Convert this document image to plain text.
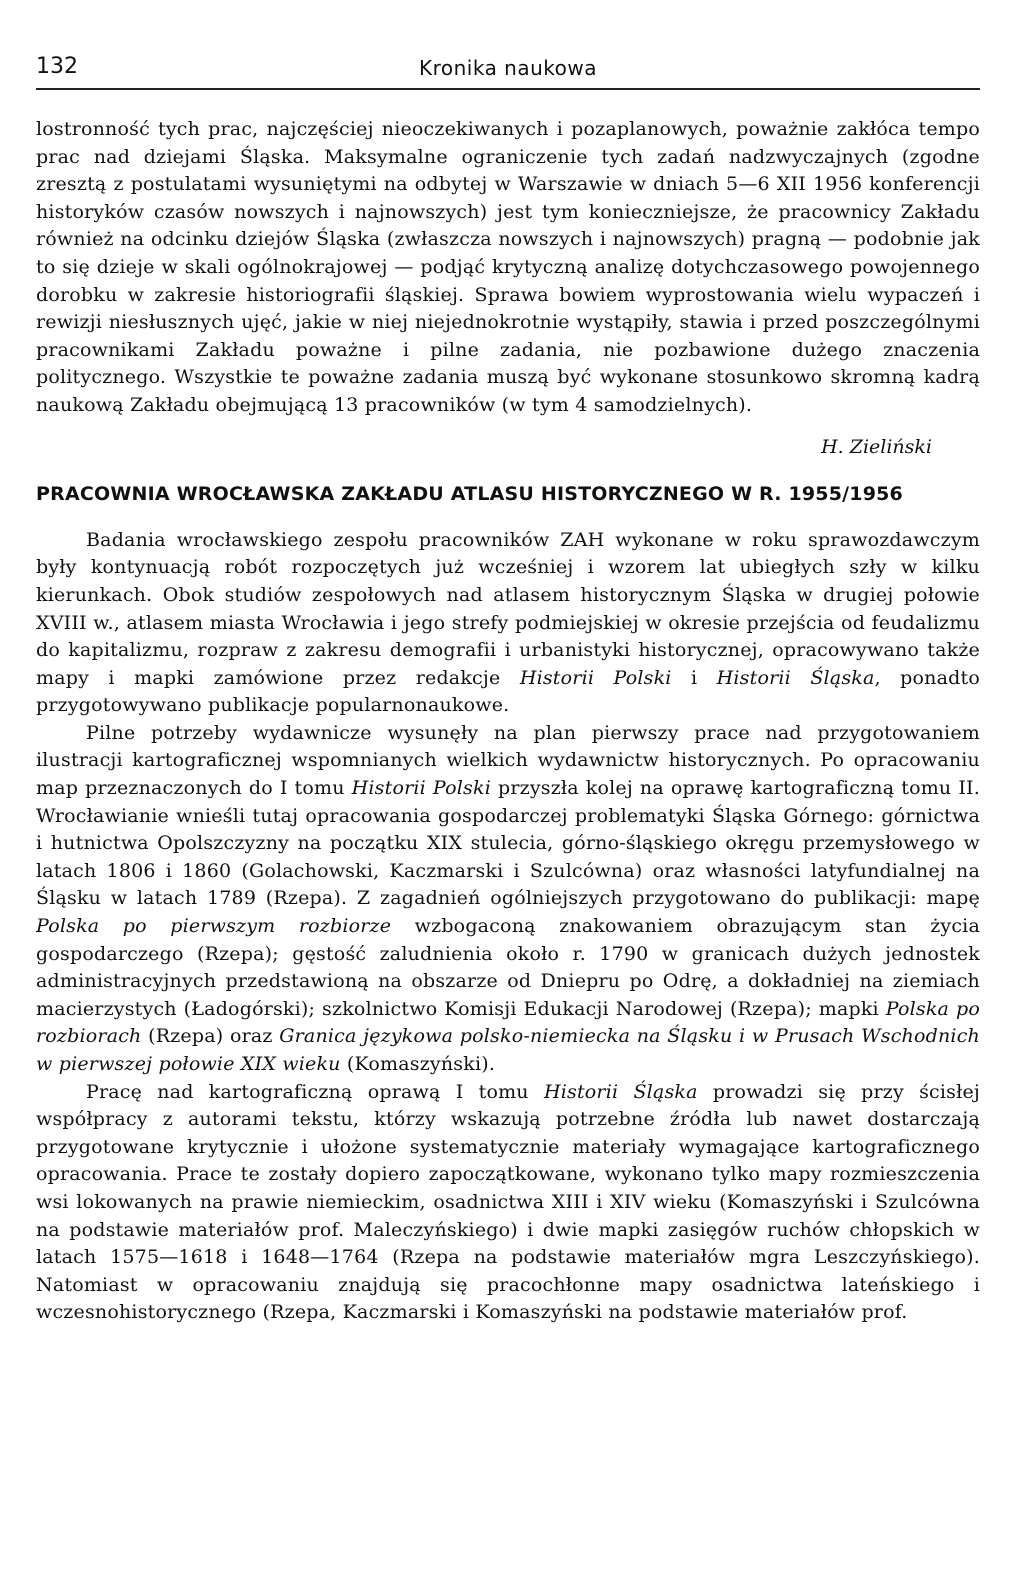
132	Kronika naukowa

lostronność tych prac, najczęściej nieoczekiwanych i pozaplanowych, poważnie zakłóca tempo prac nad dziejami Śląska. Maksymalne ograniczenie tych zadań nadzwyczajnych (zgodne zresztą z postulatami wysuniętymi na odbytej w Warszawie w dniach 5—6 XII 1956 konferencji historyków czasów nowszych i najnowszych) jest tym konieczniejsze, że pracownicy Zakładu również na odcinku dziejów Śląska (zwłaszcza nowszych i najnowszych) pragną — podobnie jak to się dzieje w skali ogólnokrajowej — podjąć krytyczną analizę dotychczasowego powojennego dorobku w zakresie historiografii śląskiej. Sprawa bowiem wyprostowania wielu wypaczeń i rewizji niesłusznych ujęć, jakie w niej niejednokrotnie wystąpiły, stawia i przed poszczególnymi pracownikami Zakładu poważne i pilne zadania, nie pozbawione dużego znaczenia politycznego. Wszystkie te poważne zadania muszą być wykonane stosunkowo skromną kadrą naukową Zakładu obejmującą 13 pracowników (w tym 4 samodzielnych).

H. Zieliński

PRACOWNIA WROCŁAWSKA ZAKŁADU ATLASU HISTORYCZNEGO W R. 1955/1956

Badania wrocławskiego zespołu pracowników ZAH wykonane w roku sprawozdawczym były kontynuacją robót rozpoczętych już wcześniej i wzorem lat ubiegłych szły w kilku kierunkach. Obok studiów zespołowych nad atlasem historycznym Śląska w drugiej połowie XVIII w., atlasem miasta Wrocławia i jego strefy podmiejskiej w okresie przejścia od feudalizmu do kapitalizmu, rozpraw z zakresu demografii i urbanistyki historycznej, opracowywano także mapy i mapki zamówione przez redakcje Historii Polski i Historii Śląska, ponadto przygotowywano publikacje popularnonaukowe.

Pilne potrzeby wydawnicze wysunęły na plan pierwszy prace nad przygotowaniem ilustracji kartograficznej wspomnianych wielkich wydawnictw historycznych. Po opracowaniu map przeznaczonych do I tomu Historii Polski przyszła kolej na oprawę kartograficzną tomu II. Wrocławianie wnieśli tutaj opracowania gospodarczej problematyki Śląska Górnego: górnictwa i hutnictwa Opolszczyzny na początku XIX stulecia, górno-śląskiego okręgu przemysłowego w latach 1806 i 1860 (Golachowski, Kaczmarski i Szulcówna) oraz własności latyfundialnej na Śląsku w latach 1789 (Rzepa). Z zagadnień ogólniejszych przygotowano do publikacji: mapę Polska po pierwszym rozbiorze wzbogaconą znakowaniem obrazującym stan życia gospodarczego (Rzepa); gęstość zaludnienia około r. 1790 w granicach dużych jednostek administracyjnych przedstawioną na obszarze od Dniepru po Odrę, a dokładniej na ziemiach macierzystych (Ładogórski); szkolnictwo Komisji Edukacji Narodowej (Rzepa); mapki Polska po rozbiorach (Rzepa) oraz Granica językowa polsko-niemiecka na Śląsku i w Prusach Wschodnich w pierwszej połowie XIX wieku (Komaszyński).

Pracę nad kartograficzną oprawą I tomu Historii Śląska prowadzi się przy ścisłej współpracy z autorami tekstu, którzy wskazują potrzebne źródła lub nawet dostarczają przygotowane krytycznie i ułożone systematycznie materiały wymagające kartograficznego opracowania. Prace te zostały dopiero zapoczątkowane, wykonano tylko mapy rozmieszczenia wsi lokowanych na prawie niemieckim, osadnictwa XIII i XIV wieku (Komaszyński i Szulcówna na podstawie materiałów prof. Maleczyńskiego) i dwie mapki zasięgów ruchów chłopskich w latach 1575—1618 i 1648—1764 (Rzepa na podstawie materiałów mgra Leszczyńskiego). Natomiast w opracowaniu znajdują się pracochłonne mapy osadnictwa lateńskiego i wczesnohistorycznego (Rzepa, Kaczmarski i Komaszyński na podstawie materiałów prof.
